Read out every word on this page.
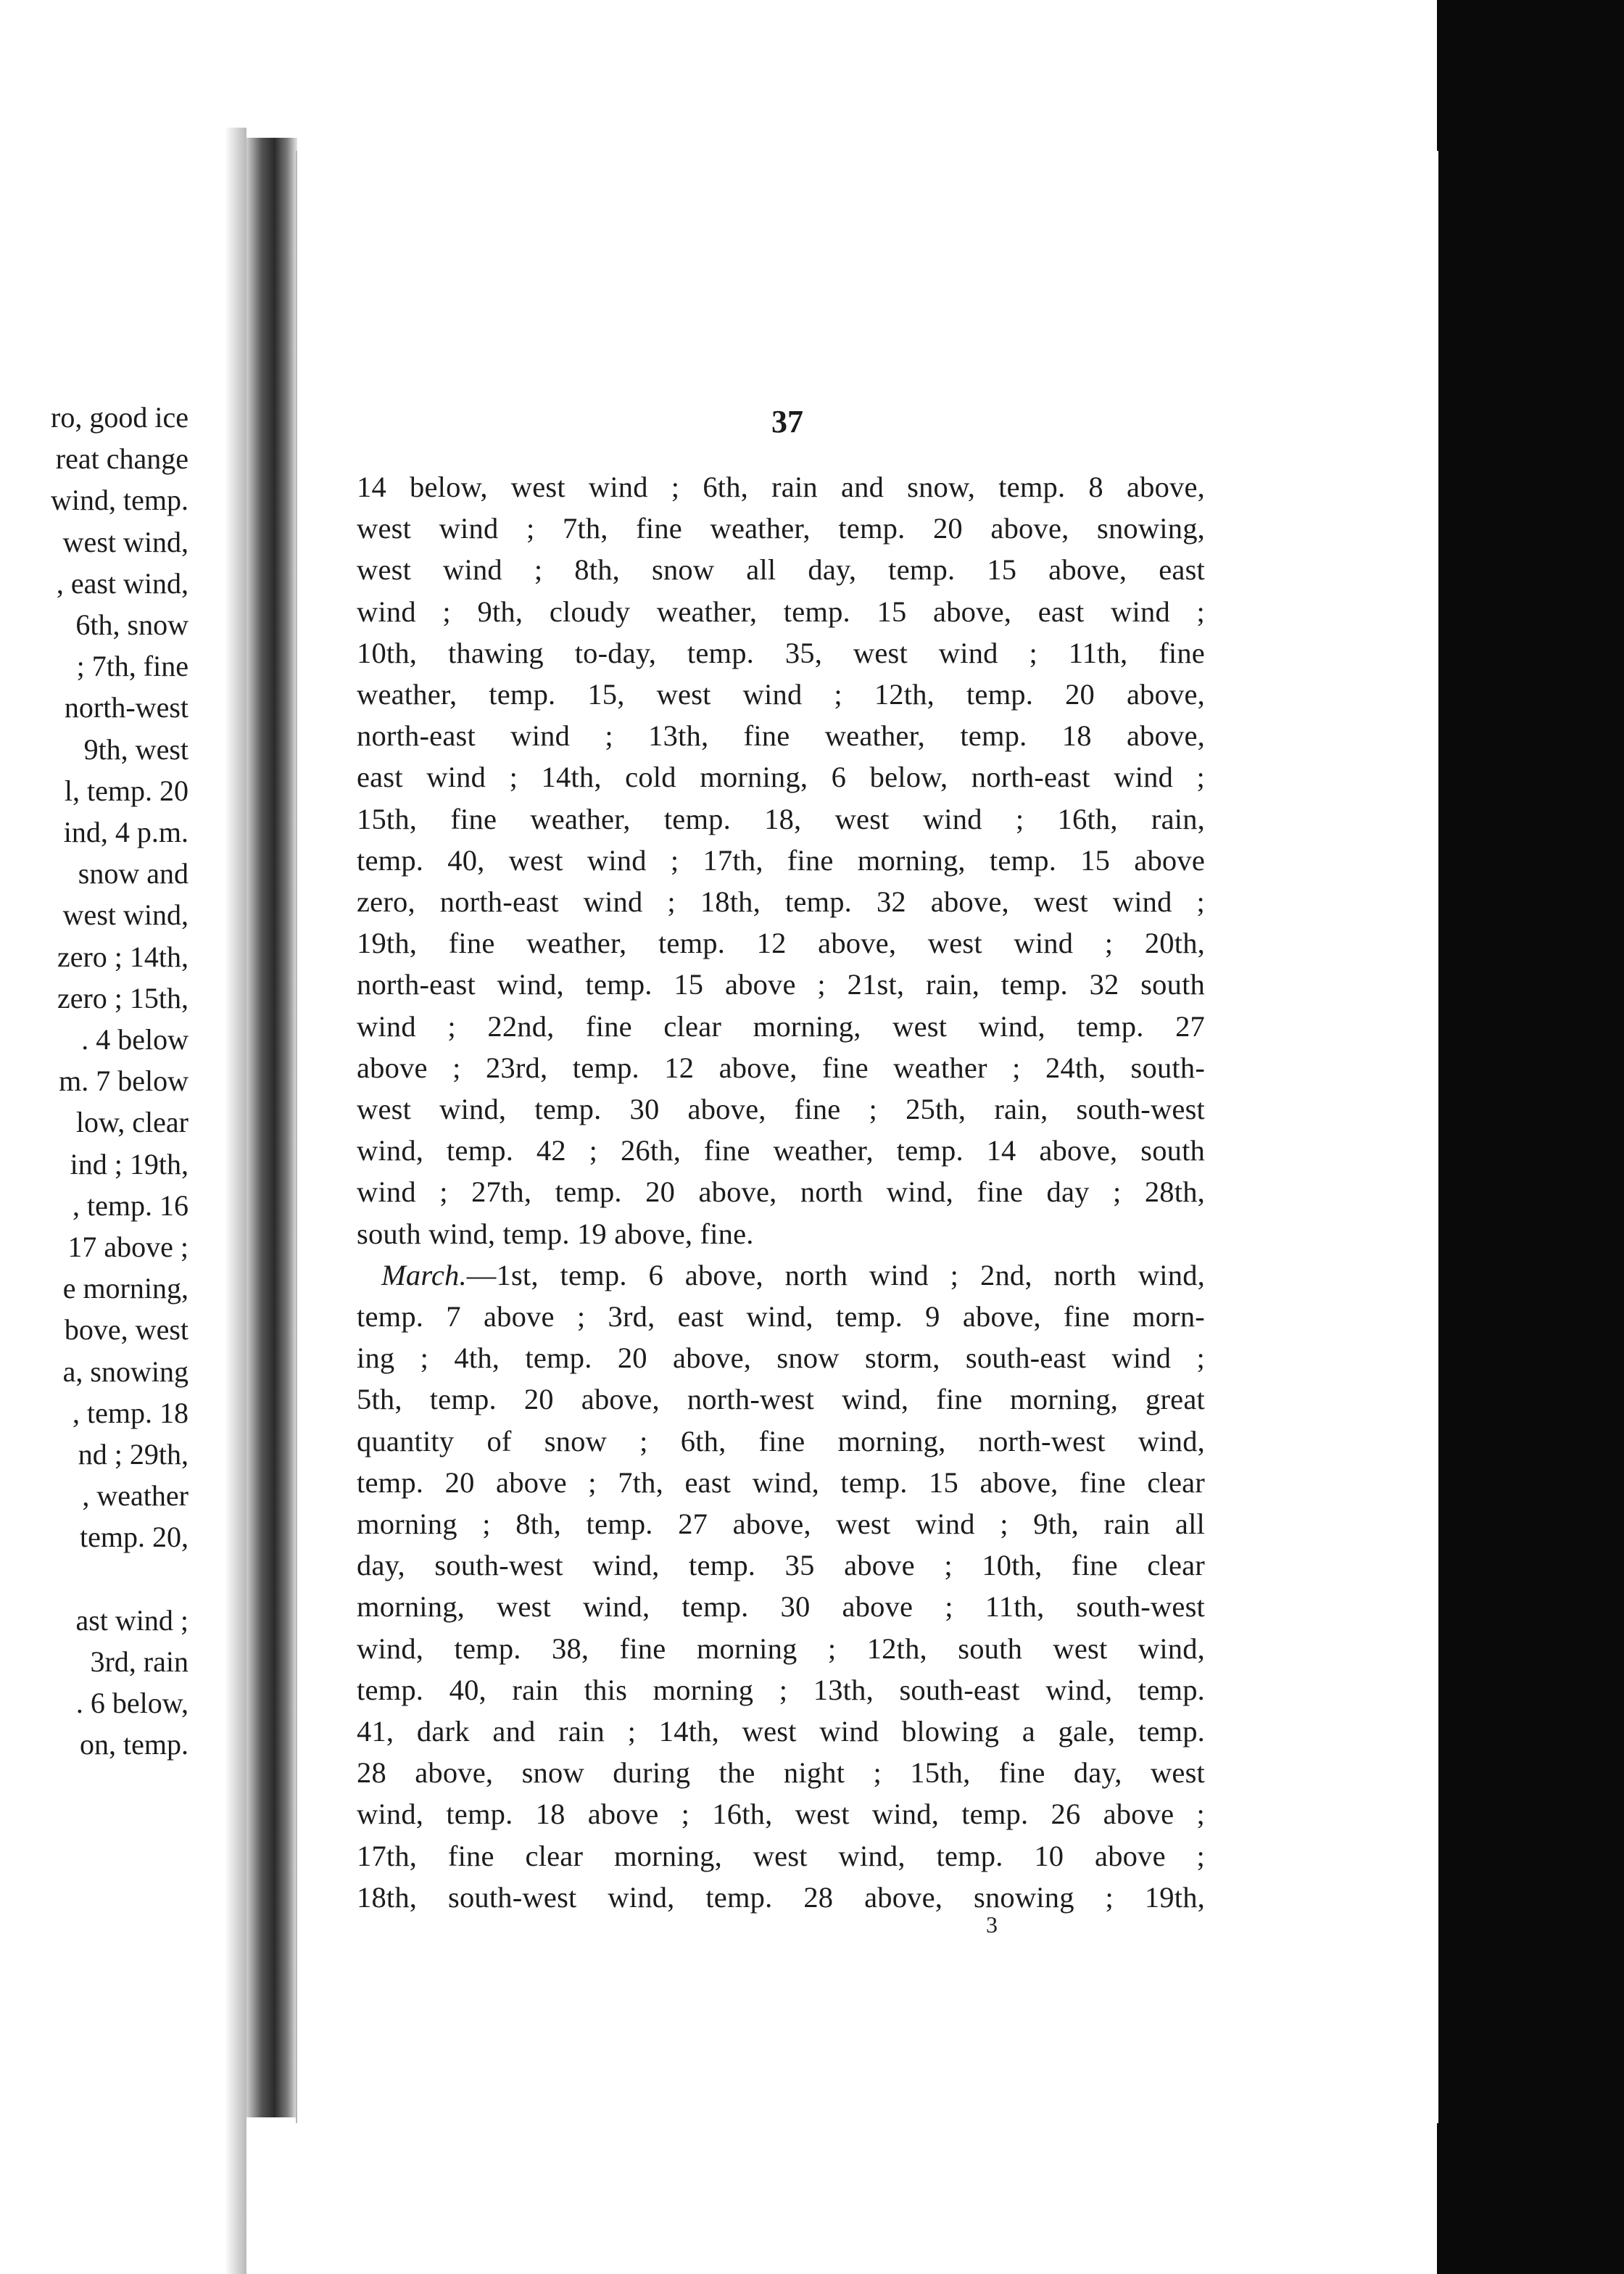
ro, good ice
reat change
wind, temp.
west wind,
, east wind,
6th, snow
; 7th, fine
north-west
9th, west
l, temp. 20
ind, 4 p.m.
snow and
west wind,
zero ; 14th,
zero ; 15th,
. 4 below
m. 7 below
low, clear
ind ; 19th,
, temp. 16
17 above ;
e morning,
bove, west
a, snowing
, temp. 18
nd ; 29th,
, weather
temp. 20,
ast wind ;
3rd, rain
. 6 below,
on, temp.
37
14 below, west wind ; 6th, rain and snow, temp. 8 above,
west wind ; 7th, fine weather, temp. 20 above, snowing,
west wind ; 8th, snow all day, temp. 15 above, east
wind ; 9th, cloudy weather, temp. 15 above, east wind ;
10th, thawing to-day, temp. 35, west wind ; 11th, fine
weather, temp. 15, west wind ; 12th, temp. 20 above,
north-east wind ; 13th, fine weather, temp. 18 above,
east wind ; 14th, cold morning, 6 below, north-east wind ;
15th, fine weather, temp. 18, west wind ; 16th, rain,
temp. 40, west wind ; 17th, fine morning, temp. 15 above
zero, north-east wind ; 18th, temp. 32 above, west wind ;
19th, fine weather, temp. 12 above, west wind ; 20th,
north-east wind, temp. 15 above ; 21st, rain, temp. 32 south
wind ; 22nd, fine clear morning, west wind, temp. 27
above ; 23rd, temp. 12 above, fine weather ; 24th, south-
west wind, temp. 30 above, fine ; 25th, rain, south-west
wind, temp. 42 ; 26th, fine weather, temp. 14 above, south
wind ; 27th, temp. 20 above, north wind, fine day ; 28th,
south wind, temp. 19 above, fine.
March.—1st, temp. 6 above, north wind ; 2nd, north wind,
temp. 7 above ; 3rd, east wind, temp. 9 above, fine morn-
ing ; 4th, temp. 20 above, snow storm, south-east wind ;
5th, temp. 20 above, north-west wind, fine morning, great
quantity of snow ; 6th, fine morning, north-west wind,
temp. 20 above ; 7th, east wind, temp. 15 above, fine clear
morning ; 8th, temp. 27 above, west wind ; 9th, rain all
day, south-west wind, temp. 35 above ; 10th, fine clear
morning, west wind, temp. 30 above ; 11th, south-west
wind, temp. 38, fine morning ; 12th, south west wind,
temp. 40, rain this morning ; 13th, south-east wind, temp.
41, dark and rain ; 14th, west wind blowing a gale, temp.
28 above, snow during the night ; 15th, fine day, west
wind, temp. 18 above ; 16th, west wind, temp. 26 above ;
17th, fine clear morning, west wind, temp. 10 above ;
18th, south-west wind, temp. 28 above, snowing ; 19th,
3
